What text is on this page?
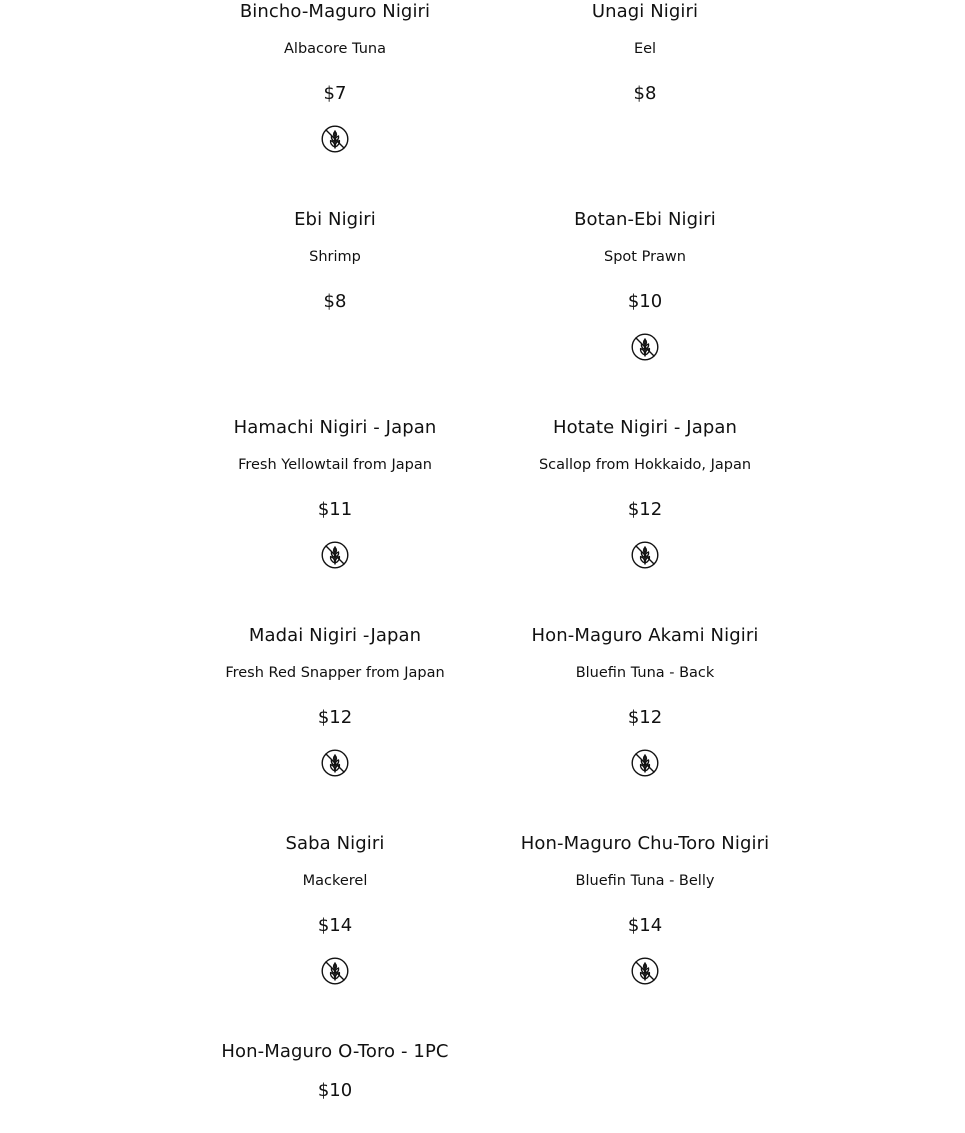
Bincho-Maguro Nigiri
Albacore Tuna
$7
Unagi Nigiri
Eel
$8
Ebi Nigiri
Shrimp
$8
Botan-Ebi Nigiri
Spot Prawn
$10
Hamachi Nigiri - Japan
Fresh Yellowtail from Japan
$11
Hotate Nigiri - Japan
Scallop from Hokkaido, Japan
$12
Madai Nigiri -Japan
Fresh Red Snapper from Japan
$12
Hon-Maguro Akami Nigiri
Bluefin Tuna - Back
$12
Saba Nigiri
Mackerel
$14
Hon-Maguro Chu-Toro Nigiri
Bluefin Tuna - Belly
$14
Hon-Maguro O-Toro - 1PC
$10
